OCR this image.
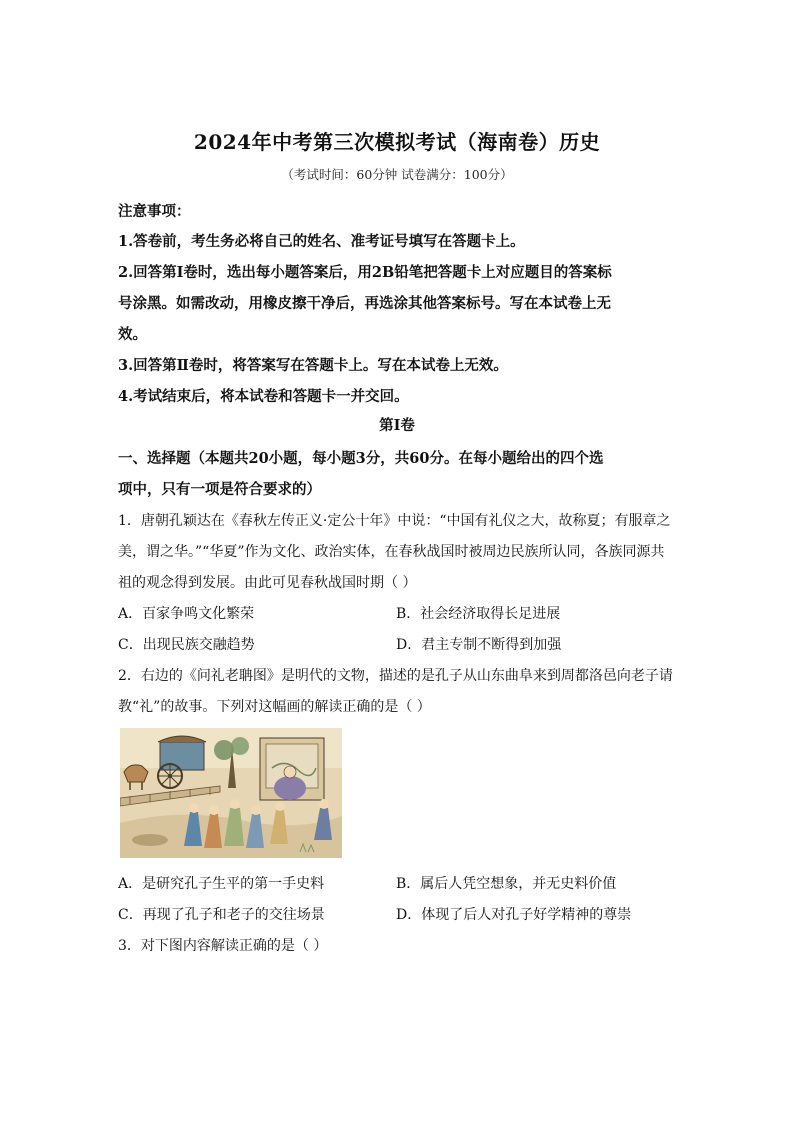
2024年中考第三次模拟考试（海南卷）历史
（考试时间：60分钟 试卷满分：100分）
注意事项：
1.答卷前，考生务必将自己的姓名、准考证号填写在答题卡上。
2.回答第Ⅰ卷时，选出每小题答案后，用2B铅笔把答题卡上对应题目的答案标
号涂黑。如需改动，用橡皮擦干净后，再选涂其他答案标号。写在本试卷上无
效。
3.回答第Ⅱ卷时，将答案写在答题卡上。写在本试卷上无效。
4.考试结束后，将本试卷和答题卡一并交回。
第Ⅰ卷
一、选择题（本题共20小题，每小题3分，共60分。在每小题给出的四个选
项中，只有一项是符合要求的）
1．唐朝孔颖达在《春秋左传正义·定公十年》中说：“中国有礼仪之大，故称夏；有服章之
美，谓之华。”“华夏”作为文化、政治实体，在春秋战国时被周边民族所认同，各族同源共
祖的观念得到发展。由此可见春秋战国时期（ ）
A．百家争鸣文化繁荣	B．社会经济取得长足进展
C．出现民族交融趋势	D．君主专制不断得到加强
2．右边的《问礼老聃图》是明代的文物，描述的是孔子从山东曲阜来到周都洛邑向老子请
教“礼”的故事。下列对这幅画的解读正确的是（ ）
A．是研究孔子生平的第一手史料	B．属后人凭空想象，并无史料价值
C．再现了孔子和老子的交往场景	D．体现了后人对孔子好学精神的尊崇
3．对下图内容解读正确的是（ ）
